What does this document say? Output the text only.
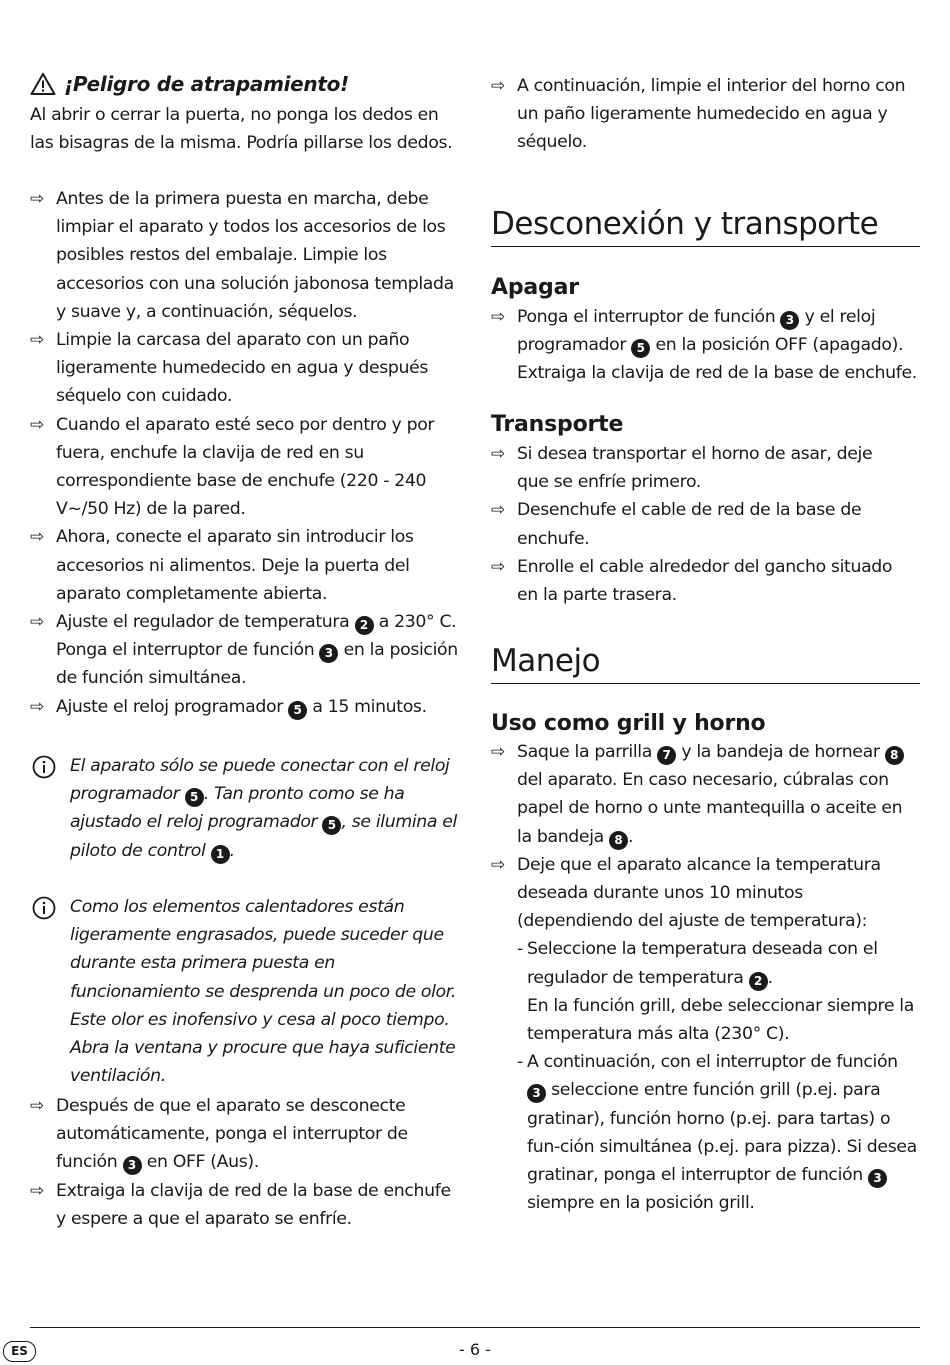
¡Peligro de atrapamiento!

Al abrir o cerrar la puerta, no ponga los dedos en las bisagras de la misma. Podría pillarse los dedos.

⇨ Antes de la primera puesta en marcha, debe limpiar el aparato y todos los accesorios de los posibles restos del embalaje. Limpie los accesorios con una solución jabonosa templada y suave y, a continuación, séquelos.
⇨ Limpie la carcasa del aparato con un paño ligeramente humedecido en agua y después séquelo con cuidado.
⇨ Cuando el aparato esté seco por dentro y por fuera, enchufe la clavija de red en su correspondiente base de enchufe (220 - 240 V~/50 Hz) de la pared.
⇨ Ahora, conecte el aparato sin introducir los accesorios ni alimentos. Deje la puerta del aparato completamente abierta.
⇨ Ajuste el regulador de temperatura 2 a 230° C. Ponga el interruptor de función 3 en la posición de función simultánea.
⇨ Ajuste el reloj programador 5 a 15 minutos.
El aparato sólo se puede conectar con el reloj programador 5 . Tan pronto como se ha ajustado el reloj programador 5 , se ilumina el piloto de control 1 .
Como los elementos calentadores están ligeramente engrasados, puede suceder que durante esta primera puesta en funcionamiento se desprenda un poco de olor. Este olor es inofensivo y cesa al poco tiempo. Abra la ventana y procure que haya suficiente ventilación.
⇨ Después de que el aparato se desconecte automáticamente, ponga el interruptor de función 3 en OFF (Aus).
⇨ Extraiga la clavija de red de la base de enchufe y espere a que el aparato se enfríe.
⇨ A continuación, limpie el interior del horno con un paño ligeramente humedecido en agua y séquelo.
Desconexión y transporte
Apagar
⇨ Ponga el interruptor de función 3 y el reloj programador 5 en la posición OFF (apagado). Extraiga la clavija de red de la base de enchufe.
Transporte
⇨ Si desea transportar el horno de asar, deje que se enfríe primero.
⇨ Desenchufe el cable de red de la base de enchufe.
⇨ Enrolle el cable alrededor del gancho situado en la parte trasera.
Manejo
Uso como grill y horno
⇨ Saque la parrilla 7 y la bandeja de hornear 8 del aparato. En caso necesario, cúbralas con papel de horno o unte mantequilla o aceite en la bandeja 8 .
⇨ Deje que el aparato alcance la temperatura deseada durante unos 10 minutos (dependiendo del ajuste de temperatura):
- Seleccione la temperatura deseada con el regulador de temperatura 2 .
En la función grill, debe seleccionar siempre la temperatura más alta (230° C).
- A continuación, con el interruptor de función 3 seleccione entre función grill (p.ej. para gratinar), función horno (p.ej. para tartas) o fun-ción simultánea (p.ej. para pizza). Si desea gratinar, ponga el interruptor de función 3 siempre en la posición grill.
ES	- 6 -
